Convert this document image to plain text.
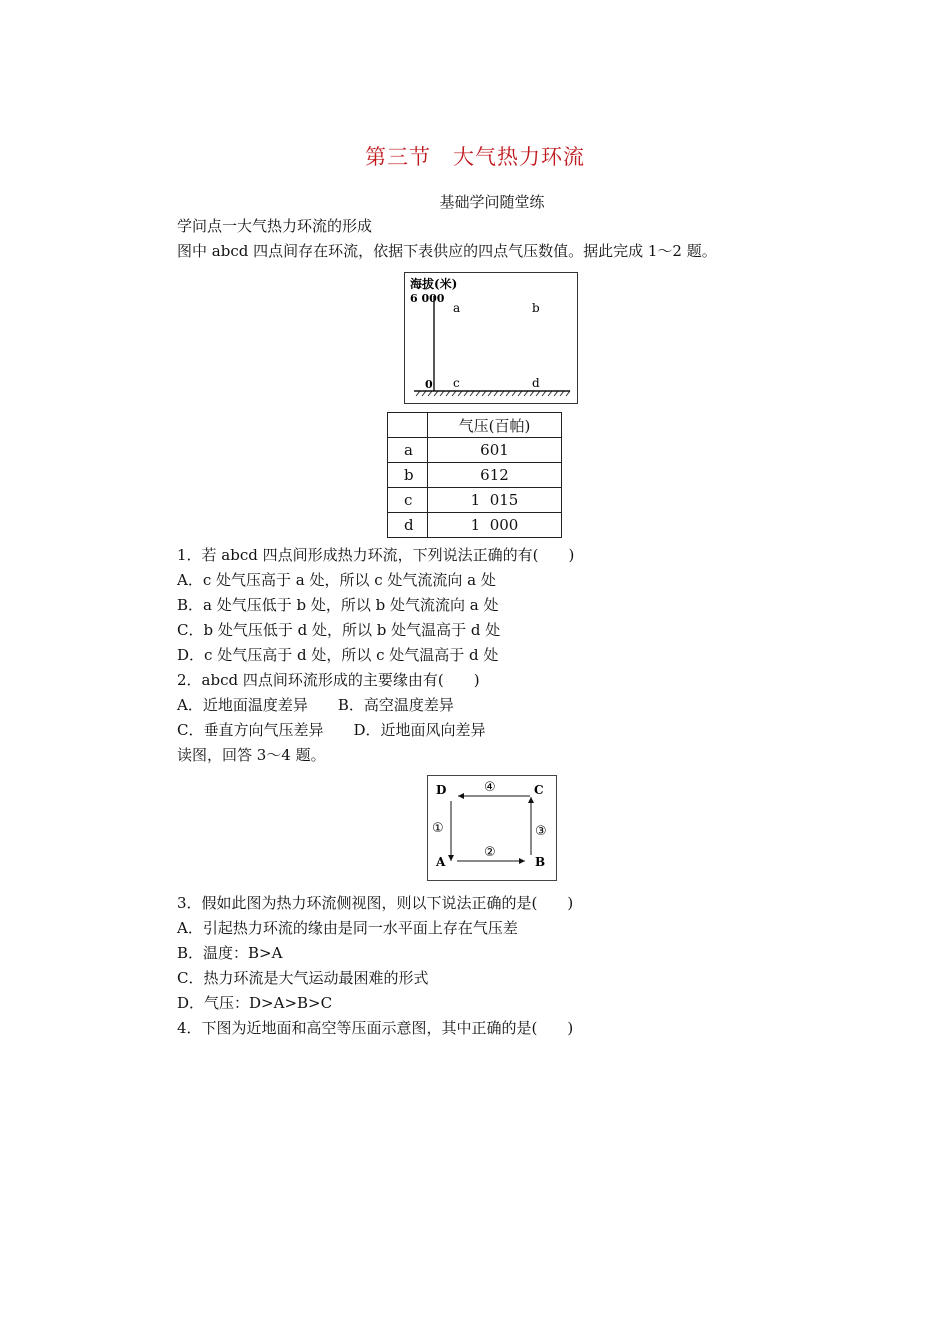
第三节　大气热力环流
基础学问随堂练
学问点一大气热力环流的形成
图中 abcd 四点间存在环流，依据下表供应的四点气压数值。据此完成 1～2 题。
海拔(米)
6 000
0
a	b
c	d
	气压(百帕)
a	601
b	612
c	1  015
d	1  000
1．若 abcd 四点间形成热力环流，下列说法正确的有(　　)
A．c 处气压高于 a 处，所以 c 处气流流向 a 处
B．a 处气压低于 b 处，所以 b 处气流流向 a 处
C．b 处气压低于 d 处，所以 b 处气温高于 d 处
D．c 处气压高于 d 处，所以 c 处气温高于 d 处
2．abcd 四点间环流形成的主要缘由有(　　)
A．近地面温度差异　　B．高空温度差异
C．垂直方向气压差异　　D．近地面风向差异
读图，回答 3～4 题。
D	C
A	B
④
①	③
②
3．假如此图为热力环流侧视图，则以下说法正确的是(　　)
A．引起热力环流的缘由是同一水平面上存在气压差
B．温度：B>A
C．热力环流是大气运动最困难的形式
D．气压：D>A>B>C
4．下图为近地面和高空等压面示意图，其中正确的是(　　)
